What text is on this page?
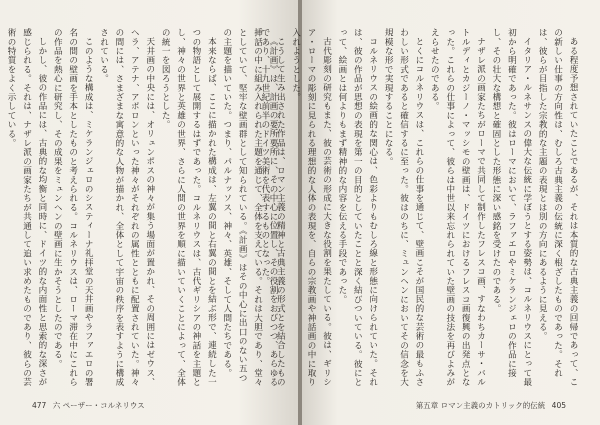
《計画》は、計画の要所要所に、その中心に位置し、その役割をおびつつ、あらゆる挿話の中に組み入れられた主題を通じて、全体を支えている。それは大胆であり、堂々としていて、堅牢な壁画群として知られている。《計画》はその中心に出口のない五つの主題を描いていた。つまり、パルナッソス、神々、英雄、そして人間たちである。

本来ならば、ここに描かれた構成は、左翼の間と右翼の間とを結ぶ形で、連続した一つの物語として展開するはずであった。コルネリウスは、古代ギリシアの神話を主題とし、神々の世界と英雄の世界、さらに人間の世界を順に描いていくことによって、全体の統一を図ろうとした。

天井画の中央には、オリュンポスの神々が集う場面が置かれ、その周囲にはゼウス、ヘラ、アテナ、アポロンといった神々がそれぞれの属性とともに配置されていた。神々の間には、さまざまな寓意的な人物が描かれ、全体として宇宙の秩序を表すように構成されている。

このような構成は、ミケランジェロのシスティーナ礼拝堂の天井画やラファエロの署名の間の壁画を手本としたものと考えられる。コルネリウスは、ローマ滞在中にこれらの作品を熱心に研究し、その成果をミュンヘンの壁画に生かそうとしたのである。

しかし、彼の作品には、古典的な均衡と同時に、ドイツ的な内面性と思索的な深さが感じられる。それは、ナザレ派の画家たちが共通して追い求めたものであり、彼らの芸術の特質をよく示している。

477 六 ペーザー・コルネリウス

ある程度予想されていたことであるが、それは本質的な古典主義の回帰であって、この新しい仕事の方向性は、むしろ古典主義の伝統に深く根ざしたものであった。それは、彼らが目指した宗教的な主題の表現とは別の方向にあるように見える。

イタリア・ルネサンスの偉大な伝統に学ぼうとする姿勢は、コルネリウスにとって最初から明確であった。彼はローマにおいて、ラファエロやミケランジェロの作品に接し、その壮大な構想と確固とした形態に深い感銘を受けたのである。

ナザレ派の画家たちがローマで共同して制作したフレスコ画、すなわちカーサ・バルトルディとカジーノ・マッシモの壁画は、ドイツにおけるフレスコ画復興の出発点となった。これらの仕事によって、彼らは中世以来忘れられていた壁画の技法を再びよみがえらせたのである。

とくにコルネリウスは、これらの仕事を通じて、壁画こそが国民的な芸術の最もふさわしい形式であると確信するに至った。彼はのちに、ミュンヘンにおいてその信念を大規模な形で実現することになる。

コルネリウスの絵画的な関心は、色彩よりもむしろ線と形態に向けられていた。それは、彼の作品が思想の表現を第一の目的としていたことと深く結びついている。彼にとって、絵画とは何よりもまず精神的な内容を伝える手段であった。

古代彫刻の研究もまた、彼の芸術の形成に大きな役割を果たしている。彼は、ギリシア・ローマの彫刻に見られる理想的な人体の表現を、自らの宗教画や神話画の中に取り入れようとした。

こうして生み出された作品は、ロマン主義の精神と古典主義の形式とを結合したものであり、十九世紀前半のドイツ美術を代表するものとなった。

第五章 ロマン主義のカトリック的伝統 405
